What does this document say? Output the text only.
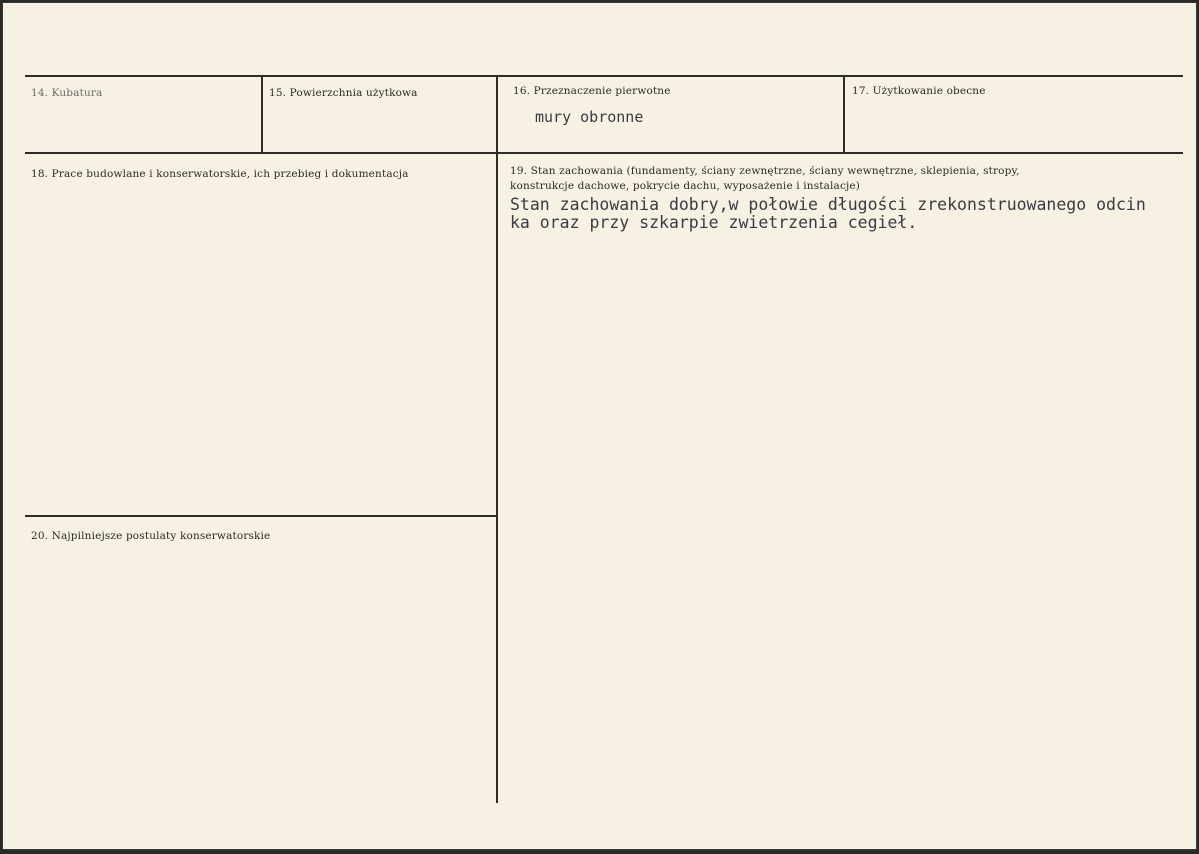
14. Kubatura	15. Powierzchnia użytkowa	16. Przeznaczenie pierwotne
mury obronne
17. Użytkowanie obecne
18. Prace budowlane i konserwatorskie, ich przebieg i dokumentacja	19. Stan zachowania (fundamenty, ściany zewnętrzne, ściany wewnętrzne, sklepienia, stropy,
konstrukcje dachowe, pokrycie dachu, wyposażenie i instalacje)
Stan zachowania dobry,w połowie długości zrekonstruowanego odcin
ka oraz przy szkarpie zwietrzenia cegieł.
20. Najpilniejsze postulaty konserwatorskie
